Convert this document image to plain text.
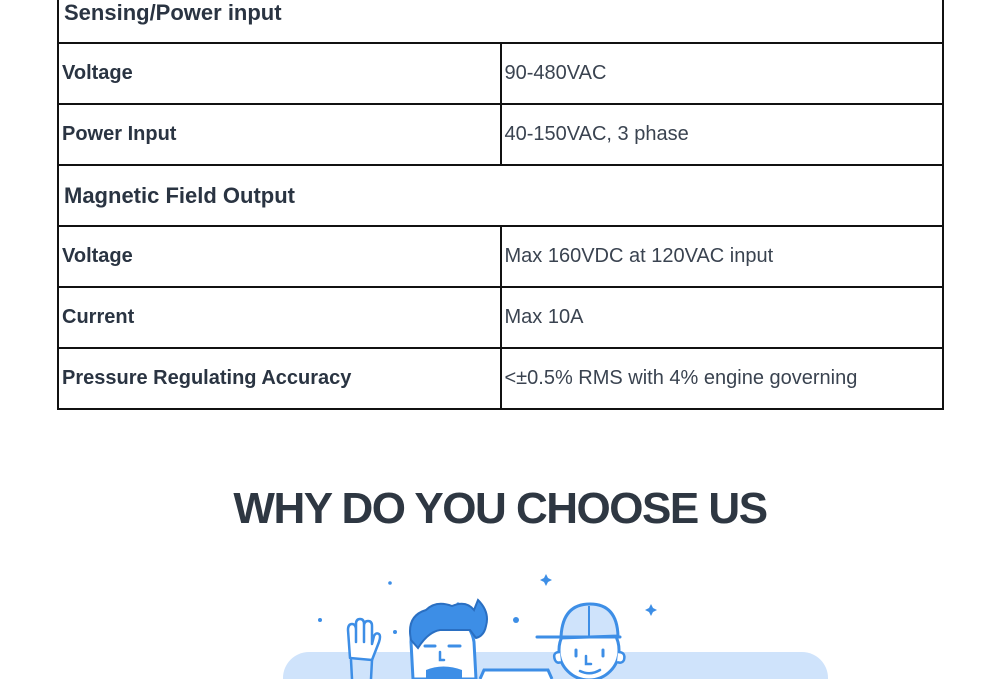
Sensing/Power input	
Voltage	90-480VAC
Power Input	40-150VAC, 3 phase
Magnetic Field Output	
Voltage	Max 160VDC at 120VAC input
Current	Max 10A
Pressure Regulating Accuracy	<±0.5% RMS with 4% engine governing
WHY DO YOU CHOOSE US
